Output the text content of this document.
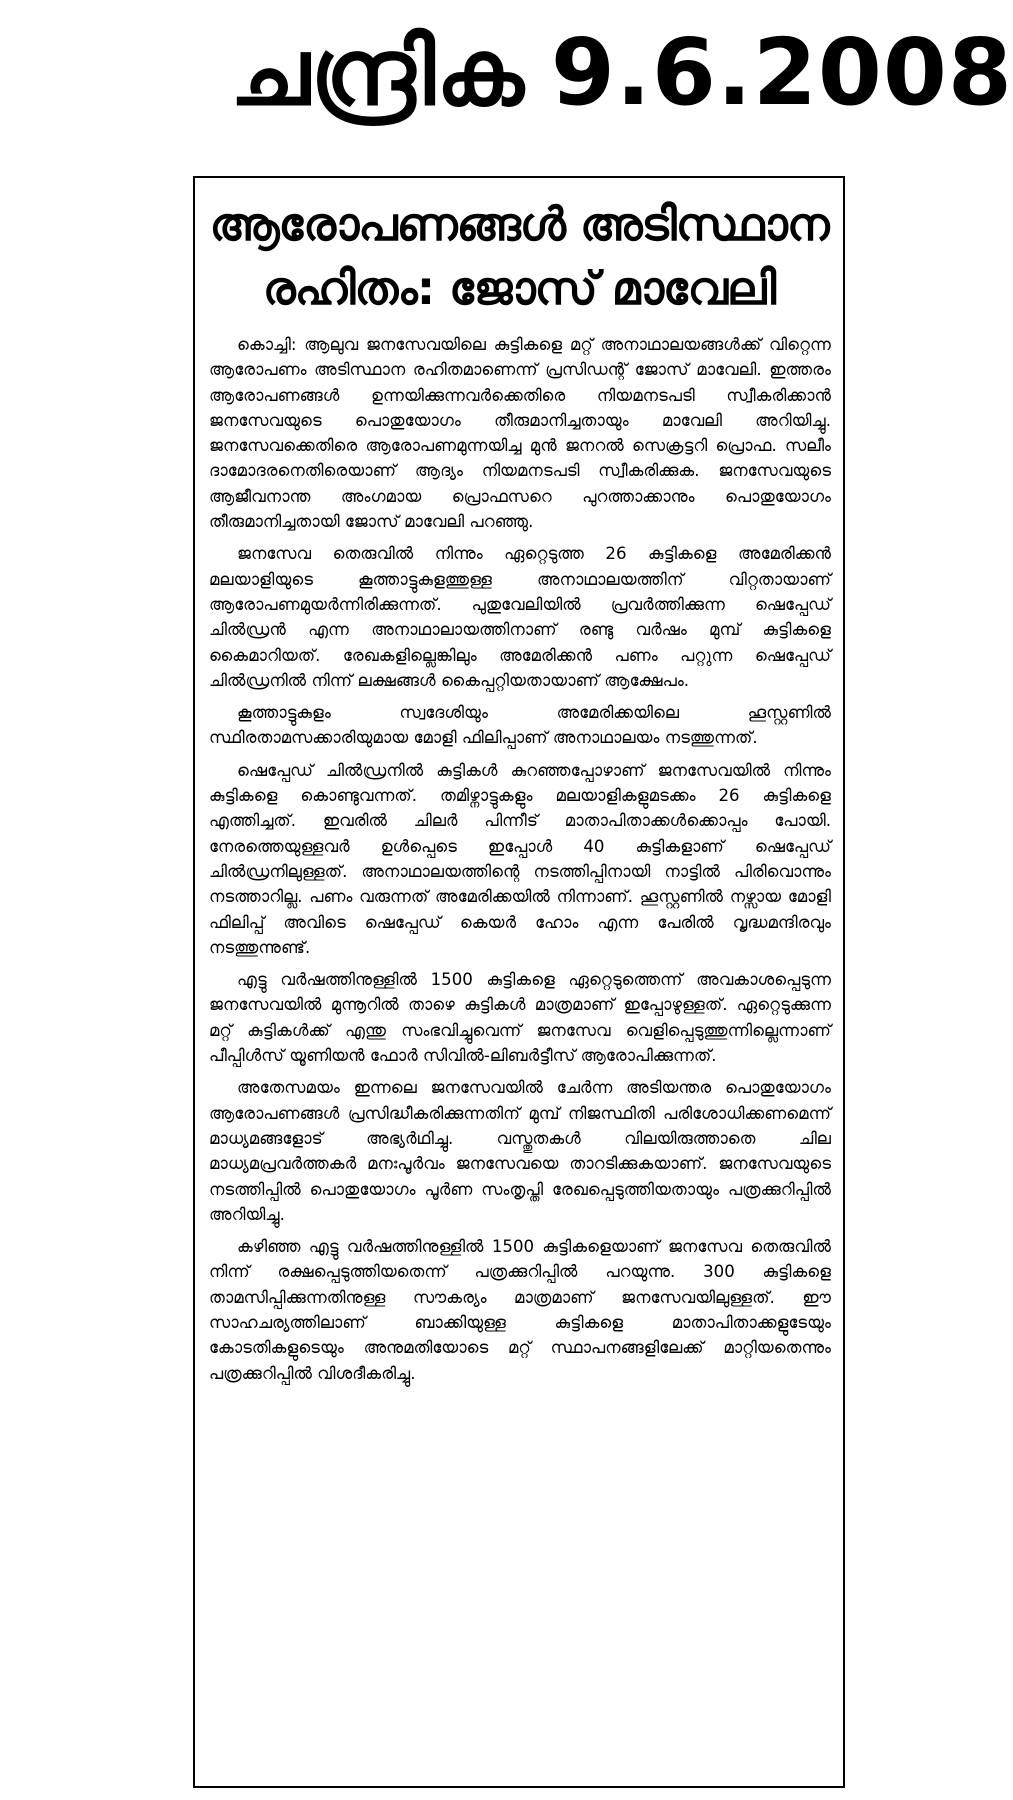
ചന്ദ്രിക 9.6.2008
ആരോപണങ്ങൾ അടിസ്ഥാന
രഹിതം: ജോസ് മാവേലി

കൊച്ചി: ആലുവ ജനസേവയിലെ കുട്ടികളെ മറ്റ് അനാഥാലയങ്ങൾക്ക് വിറ്റെന്ന ആരോപണം അടിസ്ഥാന രഹിതമാണെന്ന് പ്രസിഡന്റ് ജോസ് മാവേലി. ഇത്തരം ആരോപണങ്ങൾ ഉന്നയിക്കുന്നവർക്കെതിരെ നിയമനടപടി സ്വീകരിക്കാൻ ജനസേവയുടെ പൊതുയോഗം തീരുമാനിച്ചതായും മാവേലി അറിയിച്ചു. ജനസേവക്കെതിരെ ആരോപണമുന്നയിച്ച മുൻ ജനറൽ സെക്രട്ടറി പ്രൊഫ. സലീം ദാമോദരനെതിരെയാണ് ആദ്യം നിയമനടപടി സ്വീകരിക്കുക. ജനസേവയുടെ ആജീവനാന്ത അംഗമായ പ്രൊഫസറെ പുറത്താക്കാനും പൊതുയോഗം തീരുമാനിച്ചതായി ജോസ് മാവേലി പറഞ്ഞു.

ജനസേവ തെരുവിൽ നിന്നും ഏറ്റെടുത്ത 26 കുട്ടികളെ അമേരിക്കൻ മലയാളിയുടെ കൂത്താട്ടുകുളത്തുള്ള അനാഥാലയത്തിന് വിറ്റതായാണ് ആരോപണമുയർന്നിരിക്കുന്നത്. പുതുവേലിയിൽ പ്രവർത്തിക്കുന്ന ഷെപ്പേഡ് ചിൽഡ്രൻ എന്ന അനാഥാലായത്തിനാണ് രണ്ടു വർഷം മുമ്പ് കുട്ടികളെ കൈമാറിയത്. രേഖകളില്ലെങ്കിലും അമേരിക്കൻ പണം പറ്റുന്ന ഷെപ്പേഡ് ചിൽഡ്രനിൽ നിന്ന് ലക്ഷങ്ങൾ കൈപ്പറ്റിയതായാണ് ആക്ഷേപം.

കൂത്താട്ടുകുളം സ്വദേശിയും അമേരിക്കയിലെ ഹൂസ്റ്റണിൽ സ്ഥിരതാമസക്കാരിയുമായ മോളി ഫിലിപ്പാണ് അനാഥാലയം നടത്തുന്നത്.

ഷെപ്പേഡ് ചിൽഡ്രനിൽ കുട്ടികൾ കുറഞ്ഞപ്പോഴാണ് ജനസേവയിൽ നിന്നും കുട്ടികളെ കൊണ്ടുവന്നത്. തമിഴ്നാട്ടുകളും മലയാളികളുമടക്കം 26 കുട്ടികളെ എത്തിച്ചത്. ഇവരിൽ ചിലർ പിന്നീട് മാതാപിതാക്കൾക്കൊപ്പം പോയി. നേരത്തെയുള്ളവർ ഉൾപ്പെടെ ഇപ്പോൾ 40 കുട്ടികളാണ് ഷെപ്പേഡ് ചിൽഡ്രനിലുള്ളത്. അനാഥാലയത്തിന്റെ നടത്തിപ്പിനായി നാട്ടിൽ പിരിവൊന്നും നടത്താറില്ല. പണം വരുന്നത് അമേരിക്കയിൽ നിന്നാണ്. ഹൂസ്റ്റണിൽ നഴ്സായ മോളി ഫിലിപ്പ് അവിടെ ഷെപ്പേഡ് കെയർ ഹോം എന്ന പേരിൽ വൃദ്ധമന്ദിരവും നടത്തുന്നുണ്ട്.

എട്ടു വർഷത്തിനുള്ളിൽ 1500 കുട്ടികളെ ഏറ്റെടുത്തെന്ന് അവകാശപ്പെടുന്ന ജനസേവയിൽ മുന്നൂറിൽ താഴെ കുട്ടികൾ മാത്രമാണ് ഇപ്പോഴുള്ളത്. ഏറ്റെടുക്കുന്ന മറ്റ് കുട്ടികൾക്ക് എന്തു സംഭവിച്ചുവെന്ന് ജനസേവ വെളിപ്പെടുത്തുന്നില്ലെന്നാണ് പീപ്പിൾസ് യൂണിയൻ ഫോർ സിവിൽ-ലിബർട്ടീസ് ആരോപിക്കുന്നത്.

അതേസമയം ഇന്നലെ ജനസേവയിൽ ചേർന്ന അടിയന്തര പൊതുയോഗം ആരോപണങ്ങൾ പ്രസിദ്ധീകരിക്കുന്നതിന് മുമ്പ് നിജസ്ഥിതി പരിശോധിക്കണമെന്ന് മാധ്യമങ്ങളോട് അഭ്യർഥിച്ചു. വസ്തുതകൾ വിലയിരുത്താതെ ചില മാധ്യമപ്രവർത്തകർ മനഃപൂർവം ജനസേവയെ താറടിക്കുകയാണ്. ജനസേവയുടെ നടത്തിപ്പിൽ പൊതുയോഗം പൂർണ സംതൃപ്തി രേഖപ്പെടുത്തിയതായും പത്രക്കുറിപ്പിൽ അറിയിച്ചു.

കഴിഞ്ഞ എട്ടു വർഷത്തിനുള്ളിൽ 1500 കുട്ടികളെയാണ് ജനസേവ തെരുവിൽ നിന്ന് രക്ഷപ്പെടുത്തിയതെന്ന് പത്രക്കുറിപ്പിൽ പറയുന്നു. 300 കുട്ടികളെ താമസിപ്പിക്കുന്നതിനുള്ള സൗകര്യം മാത്രമാണ് ജനസേവയിലുള്ളത്. ഈ സാഹചര്യത്തിലാണ് ബാക്കിയുള്ള കുട്ടികളെ മാതാപിതാക്കളുടേയും കോടതികളുടെയും അനുമതിയോടെ മറ്റ് സ്ഥാപനങ്ങളിലേക്ക് മാറ്റിയതെന്നും പത്രക്കുറിപ്പിൽ വിശദീകരിച്ചു.
